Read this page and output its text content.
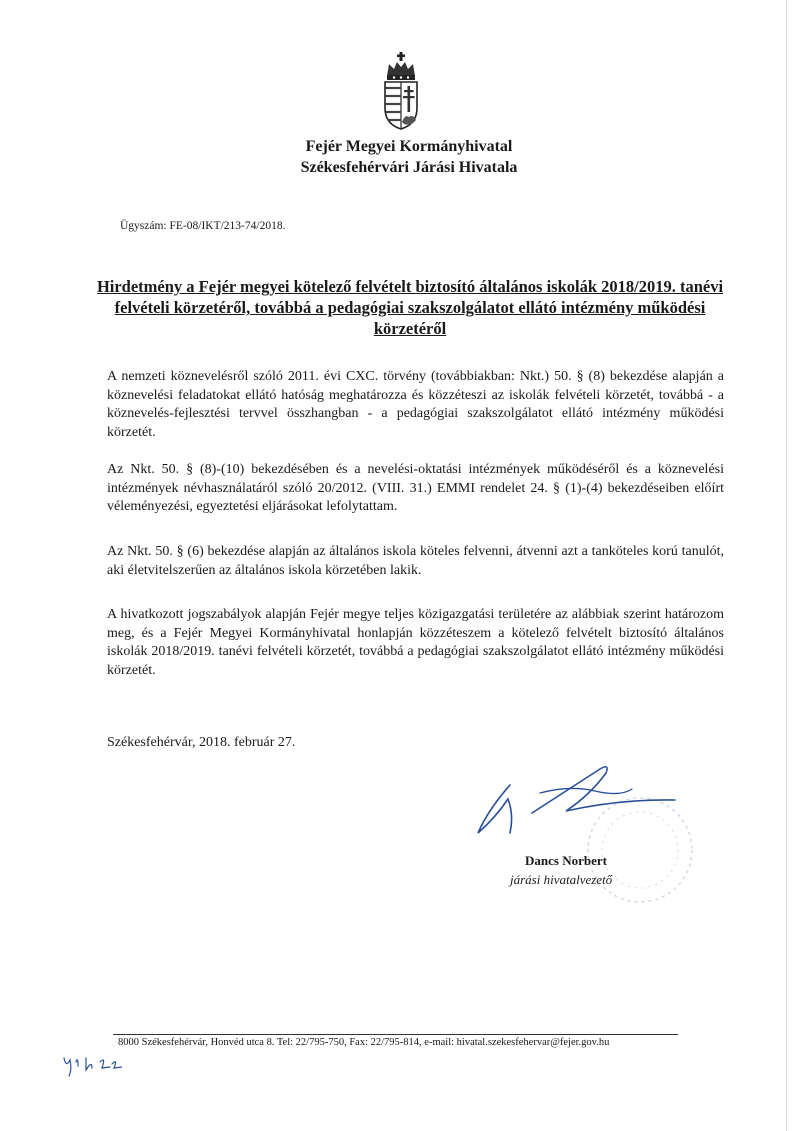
Fejér Megyei Kormányhivatal
Székesfehérvári Járási Hivatala
Ügyszám: FE-08/IKT/213-74/2018.
Hirdetmény a Fejér megyei kötelező felvételt biztosító általános iskolák 2018/2019. tanévi felvételi körzetéről, továbbá a pedagógiai szakszolgálatot ellátó intézmény működési körzetéről

A nemzeti köznevelésről szóló 2011. évi CXC. törvény (továbbiakban: Nkt.) 50. § (8) bekezdése alapján a köznevelési feladatokat ellátó hatóság meghatározza és közzéteszi az iskolák felvételi körzetét, továbbá - a köznevelés-fejlesztési tervvel összhangban - a pedagógiai szakszolgálatot ellátó intézmény működési körzetét.

Az Nkt. 50. § (8)-(10) bekezdésében és a nevelési-oktatási intézmények működéséről és a köznevelési intézmények névhasználatáról szóló 20/2012. (VIII. 31.) EMMI rendelet 24. § (1)-(4) bekezdéseiben előírt véleményezési, egyeztetési eljárásokat lefolytattam.

Az Nkt. 50. § (6) bekezdése alapján az általános iskola köteles felvenni, átvenni azt a tanköteles korú tanulót, aki életvitelszerűen az általános iskola körzetében lakik.

A hivatkozott jogszabályok alapján Fejér megye teljes közigazgatási területére az alábbiak szerint határozom meg, és a Fejér Megyei Kormányhivatal honlapján közzéteszem a kötelező felvételt biztosító általános iskolák 2018/2019. tanévi felvételi körzetét, továbbá a pedagógiai szakszolgálatot ellátó intézmény működési körzetét.

Székesfehérvár, 2018. február 27.
Dancs Norbert
járási hivatalvezető
8000 Székesfehérvár, Honvéd utca 8. Tel: 22/795-750, Fax: 22/795-814, e-mail: hivatal.szekesfehervar@fejer.gov.hu
